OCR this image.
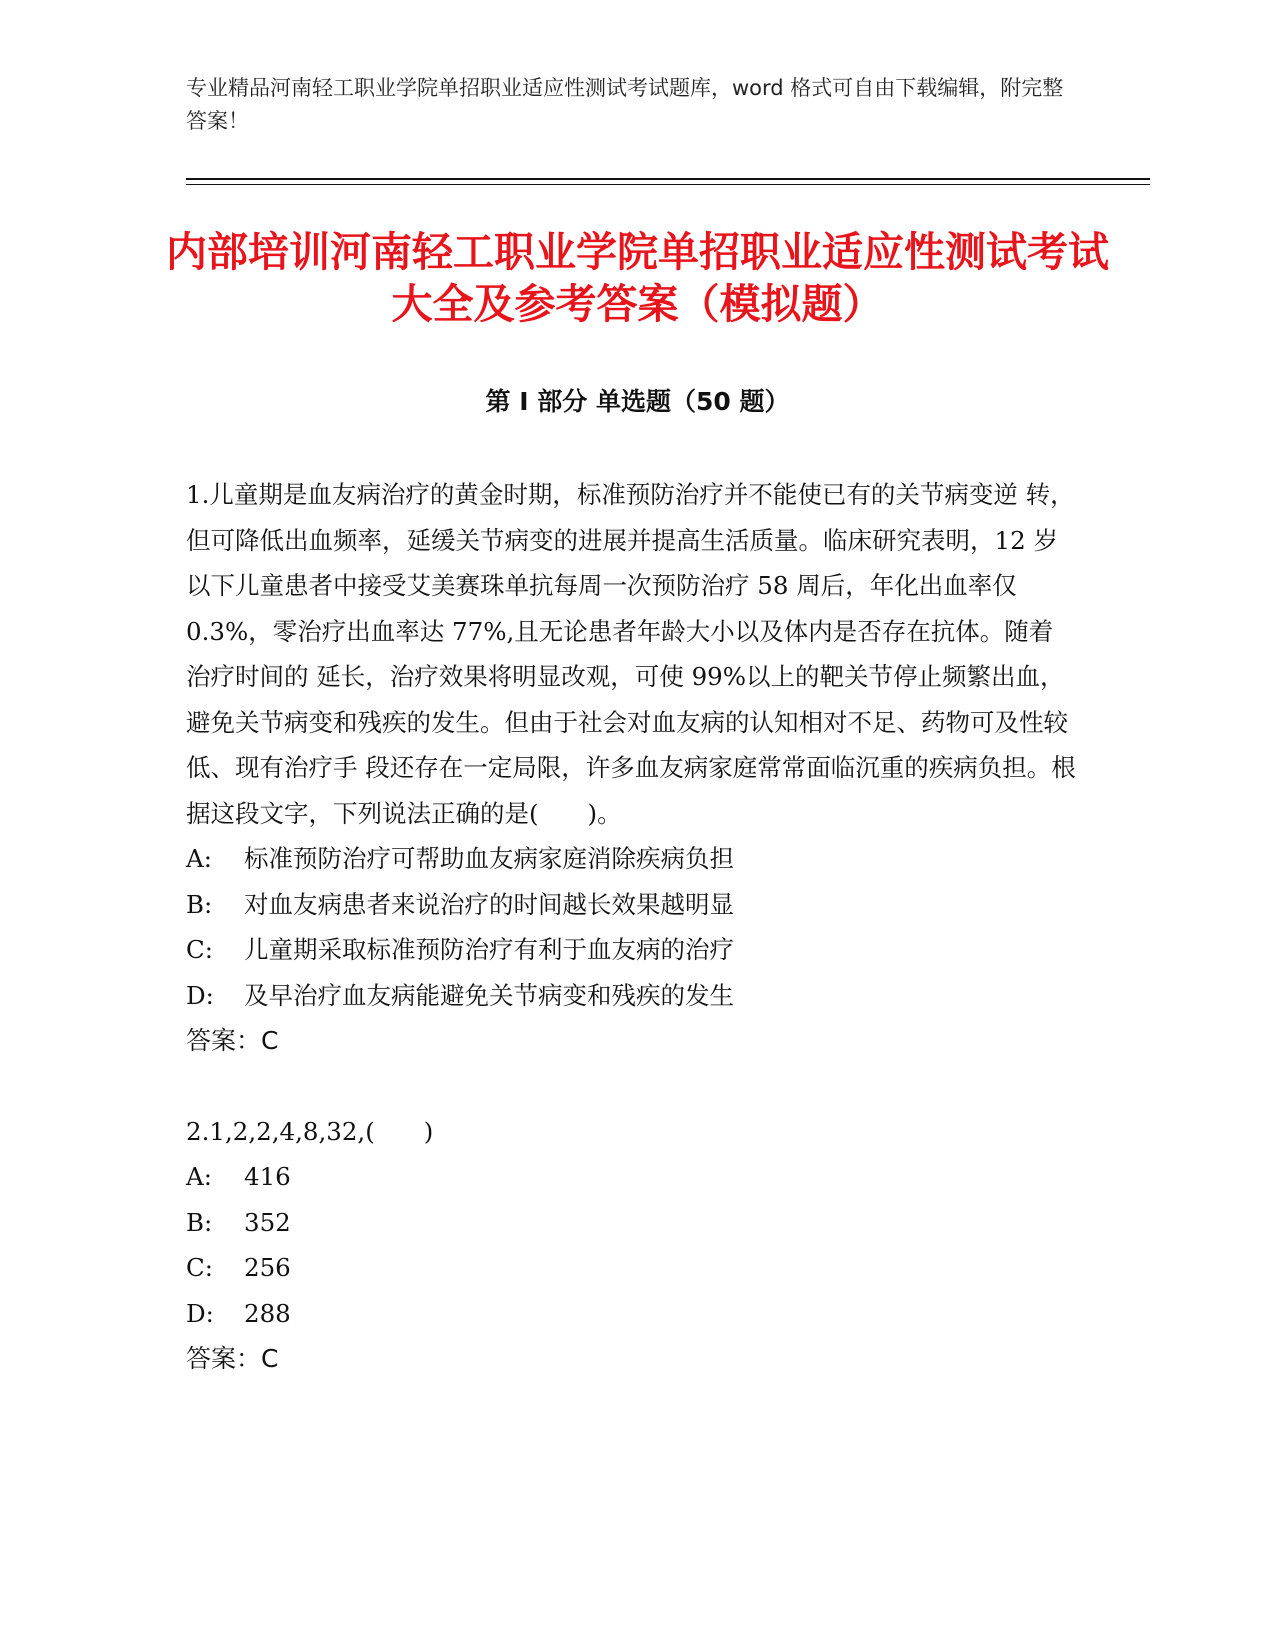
专业精品河南轻工职业学院单招职业适应性测试考试题库，word 格式可自由下载编辑，附完整答案！
内部培训河南轻工职业学院单招职业适应性测试考试大全及参考答案（模拟题）
第 I 部分 单选题（50 题）

1.儿童期是血友病治疗的黄金时期，标准预防治疗并不能使已有的关节病变逆 转，但可降低出血频率，延缓关节病变的进展并提高生活质量。临床研究表明，12 岁以下儿童患者中接受艾美赛珠单抗每周一次预防治疗 58 周后，年化出血率仅 0.3%，零治疗出血率达 77%,且无论患者年龄大小以及体内是否存在抗体。随着治疗时间的 延长，治疗效果将明显改观，可使 99%以上的靶关节停止频繁出血，避免关节病变和残疾的发生。但由于社会对血友病的认知相对不足、药物可及性较低、现有治疗手 段还存在一定局限，许多血友病家庭常常面临沉重的疾病负担。根据这段文字，下列说法正确的是(　　)。

A:	标准预防治疗可帮助血友病家庭消除疾病负担
B:	对血友病患者来说治疗的时间越长效果越明显
C:	儿童期采取标准预防治疗有利于血友病的治疗
D:	及早治疗血友病能避免关节病变和残疾的发生

答案：C

2.1,2,2,4,8,32,(　　)

A:	416
B:	352
C:	256
D:	288

答案：C
